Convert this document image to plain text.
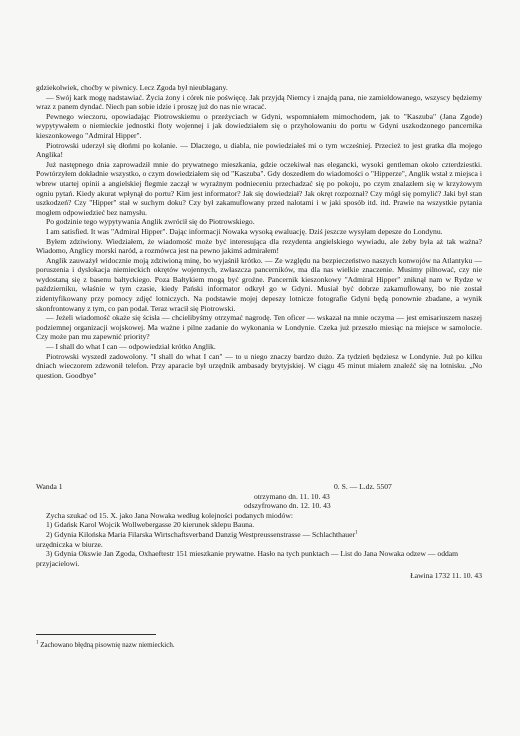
gdziekolwiek, choćby w piwnicy. Lecz Zgoda był nieubłagany.

— Swój kark mogę nadstawiać. Życia żony i córek nie poświęcę. Jak przyjdą Niemcy i znajdą pana, nie zamieldowanego, wszyscy będziemy wraz z panem dyndać. Niech pan sobie idzie i proszę już do nas nie wracać.

Pewnego wieczoru, opowiadając Piotrowskiemu o przeżyciach w Gdyni, wspomniałem mimochodem, jak to "Kaszuba" (Jana Zgode) wypytywałem o niemieckie jednostki floty wojennej i jak dowiedziałem się o przyholowaniu do portu w Gdyni uszkodzonego pancernika kieszonkowego "Admiral Hipper".

Piotrowski uderzył się dłońmi po kolanie. — Dlaczego, u diabla, nie powiedziałeś mi o tym wcześniej. Przecież to jest gratka dla mojego Anglika!

Już następnego dnia zaprowadził mnie do prywatnego mieszkania, gdzie oczekiwał nas elegancki, wysoki gentleman około czterdziestki. Powtórzyłem dokładnie wszystko, o czym dowiedziałem się od "Kaszuba". Gdy doszedłem do wiadomości o "Hipperze", Anglik wstał z miejsca i wbrew utartej opinii a angielskiej flegmie zaczął w wyraźnym podnieceniu przechadzać się po pokoju, po czym znalazłem się w krzyżowym ogniu pytań. Kiedy akurat wpłynął do portu? Kim jest informator? Jak się dowiedział? Jak okręt rozpoznał? Czy mógł się pomylić? Jaki był stan uszkodzeń? Czy "Hipper" stał w suchym doku? Czy był zakamuflowany przed nalotami i w jaki sposób itd. itd. Prawie na wszystkie pytania mogłem odpowiedzieć bez namysłu.

Po godzinie tego wypytywania Anglik zwrócił się do Piotrowskiego.

I am satisfied. It was "Admiral Hipper". Dając informacji Nowaka wysoką ewaluację. Dziś jeszcze wysyłam depesze do Londynu.

Byłem zdziwiony. Wiedziałem, że wiadomość może być interesująca dla rezydenta angielskiego wywiadu, ale żeby była aż tak ważna? Wiadomo, Anglicy morski naród, a rozmówca jest na pewno jakimś admirałem!

Anglik zauważył widocznie moją zdziwioną minę, bo wyjaśnił krótko. — Ze względu na bezpieczeństwo naszych konwojów na Atlantyku — poruszenia i dyslokacja niemieckich okrętów wojennych, zwłaszcza pancerników, ma dla nas wielkie znaczenie. Musimy pilnować, czy nie wydostaną się z basenu bałtyckiego. Poza Bałtykiem mogą być groźne. Pancernik kieszonkowy "Admiral Hipper" zniknął nam w Rydze w październiku, właśnie w tym czasie, kiedy Pański informator odkrył go w Gdyni. Musiał być dobrze zakamuflowany, bo nie został zidentyfikowany przy pomocy zdjęć lotniczych. Na podstawie mojej depeszy lotnicze fotografie Gdyni będą ponownie zbadane, a wynik skonfrontowany z tym, co pan podał. Teraz wracił się Piotrowski.

— Jeżeli wiadomość okaże się ścisła — chcielibyśmy otrzymać nagrodę. Ten oficer — wskazał na mnie oczyma — jest emisariuszem naszej podziemnej organizacji wojskowej. Ma ważne i pilne zadanie do wykonania w Londynie. Czeka już przeszło miesiąc na miejsce w samolocie. Czy może pan mu zapewnić priority?

— I shall do what I can — odpowiedział krótko Anglik.

Piotrowski wyszedł zadowolony. "I shall do what I can" — to u niego znaczy bardzo dużo. Za tydzień będziesz w Londynie. Już po kilku dniach wieczorem zdzwonił telefon. Przy aparacie był urzędnik ambasady brytyjskiej. W ciągu 45 minut miałem znaleźć się na lotnisku. „No question. Goodbye"

Wanda 1	0. S. — L.dz. 5507
otrzymano dn. 11. 10. 43
odszyfrowano dn. 12. 10. 43

Zycha szukać od 15. X. jako Jana Nowaka według kolejności podanych miodów:

1) Gdańsk Karol Wojcik Wollwebergasse 20 kierunek sklepu Bauna.

2) Gdynia Kilońska Maria Filarska Wirtschaftsverband Danzig Westpreussenstrasse — Schlachthauer$^1$

urzędniczka w biurze.

3) Gdynia Okswie Jan Zgoda, Oxhaeftestr 151 mieszkanie prywatne. Hasło na tych punktach — List do Jana Nowaka odzew — oddam przyjacielowi.

Ławina 1732 11. 10. 43
$^1$ Zachowano błędną pisownię nazw niemieckich.
